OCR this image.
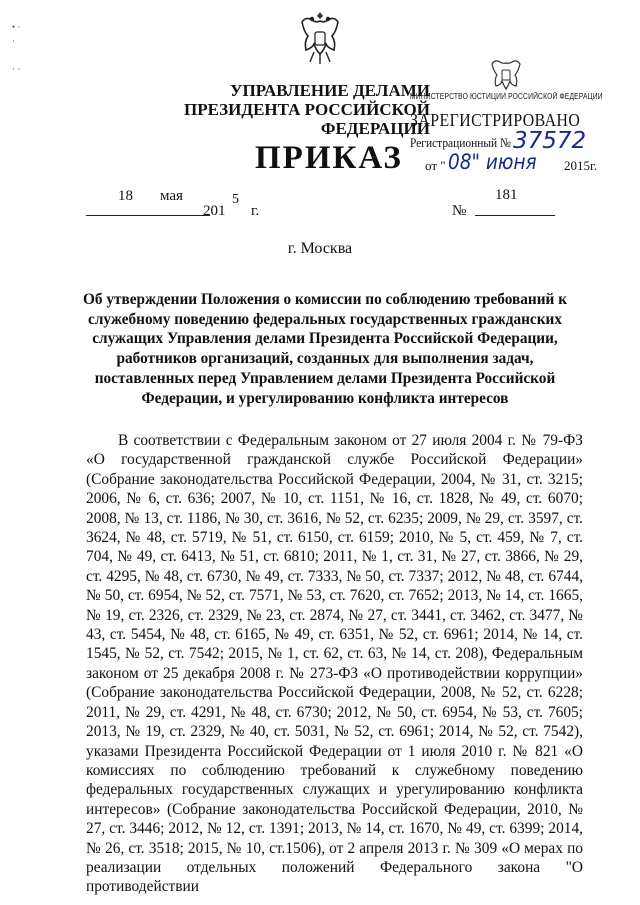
• ⋅
⋅

⋅ ⋅
УПРАВЛЕНИЕ ДЕЛАМИ
ПРЕЗИДЕНТА РОССИЙСКОЙ ФЕДЕРАЦИИ
МИНИСТЕРСТВО ЮСТИЦИИ РОССИЙСКОЙ ФЕДЕРАЦИИ
ЗАРЕГИСТРИРОВАНО
Регистрационный № 37572
от " 08" июня 2015г.
ПРИКАЗ
18 мая	5
201 г.	№
181
г. Москва
Об утверждении Положения о комиссии по соблюдению требований к служебному поведению федеральных государственных гражданских служащих Управления делами Президента Российской Федерации, работников организаций, созданных для выполнения задач, поставленных перед Управлением делами Президента Российской Федерации, и урегулированию конфликта интересов
В соответствии с Федеральным законом от 27 июля 2004 г. № 79-ФЗ «О государственной гражданской службе Российской Федерации» (Собрание законодательства Российской Федерации, 2004, № 31, ст. 3215; 2006, № 6, ст. 636; 2007, № 10, ст. 1151, № 16, ст. 1828, № 49, ст. 6070; 2008, № 13, ст. 1186, № 30, ст. 3616, № 52, ст. 6235; 2009, № 29, ст. 3597, ст. 3624, № 48, ст. 5719, № 51, ст. 6150, ст. 6159; 2010, № 5, ст. 459, № 7, ст. 704, № 49, ст. 6413, № 51, ст. 6810; 2011, № 1, ст. 31, № 27, ст. 3866, № 29, ст. 4295, № 48, ст. 6730, № 49, ст. 7333, № 50, ст. 7337; 2012, № 48, ст. 6744, № 50, ст. 6954, № 52, ст. 7571, № 53, ст. 7620, ст. 7652; 2013, № 14, ст. 1665, № 19, ст. 2326, ст. 2329, № 23, ст. 2874, № 27, ст. 3441, ст. 3462, ст. 3477, № 43, ст. 5454, № 48, ст. 6165, № 49, ст. 6351, № 52, ст. 6961; 2014, № 14, ст. 1545, № 52, ст. 7542; 2015, № 1, ст. 62, ст. 63, № 14, ст. 208), Федеральным законом от 25 декабря 2008 г. № 273-ФЗ «О противодействии коррупции» (Собрание законодательства Российской Федерации, 2008, № 52, ст. 6228; 2011, № 29, ст. 4291, № 48, ст. 6730; 2012, № 50, ст. 6954, № 53, ст. 7605; 2013, № 19, ст. 2329, № 40, ст. 5031, № 52, ст. 6961; 2014, № 52, ст. 7542), указами Президента Российской Федерации от 1 июля 2010 г. № 821 «О комиссиях по соблюдению требований к служебному поведению федеральных государственных служащих и урегулированию конфликта интересов» (Собрание законодательства Российской Федерации, 2010, № 27, ст. 3446; 2012, № 12, ст. 1391; 2013, № 14, ст. 1670, № 49, ст. 6399; 2014, № 26, ст. 3518; 2015, № 10, ст.1506), от 2 апреля 2013 г. № 309 «О мерах по реализации отдельных положений Федерального закона "О противодействии
